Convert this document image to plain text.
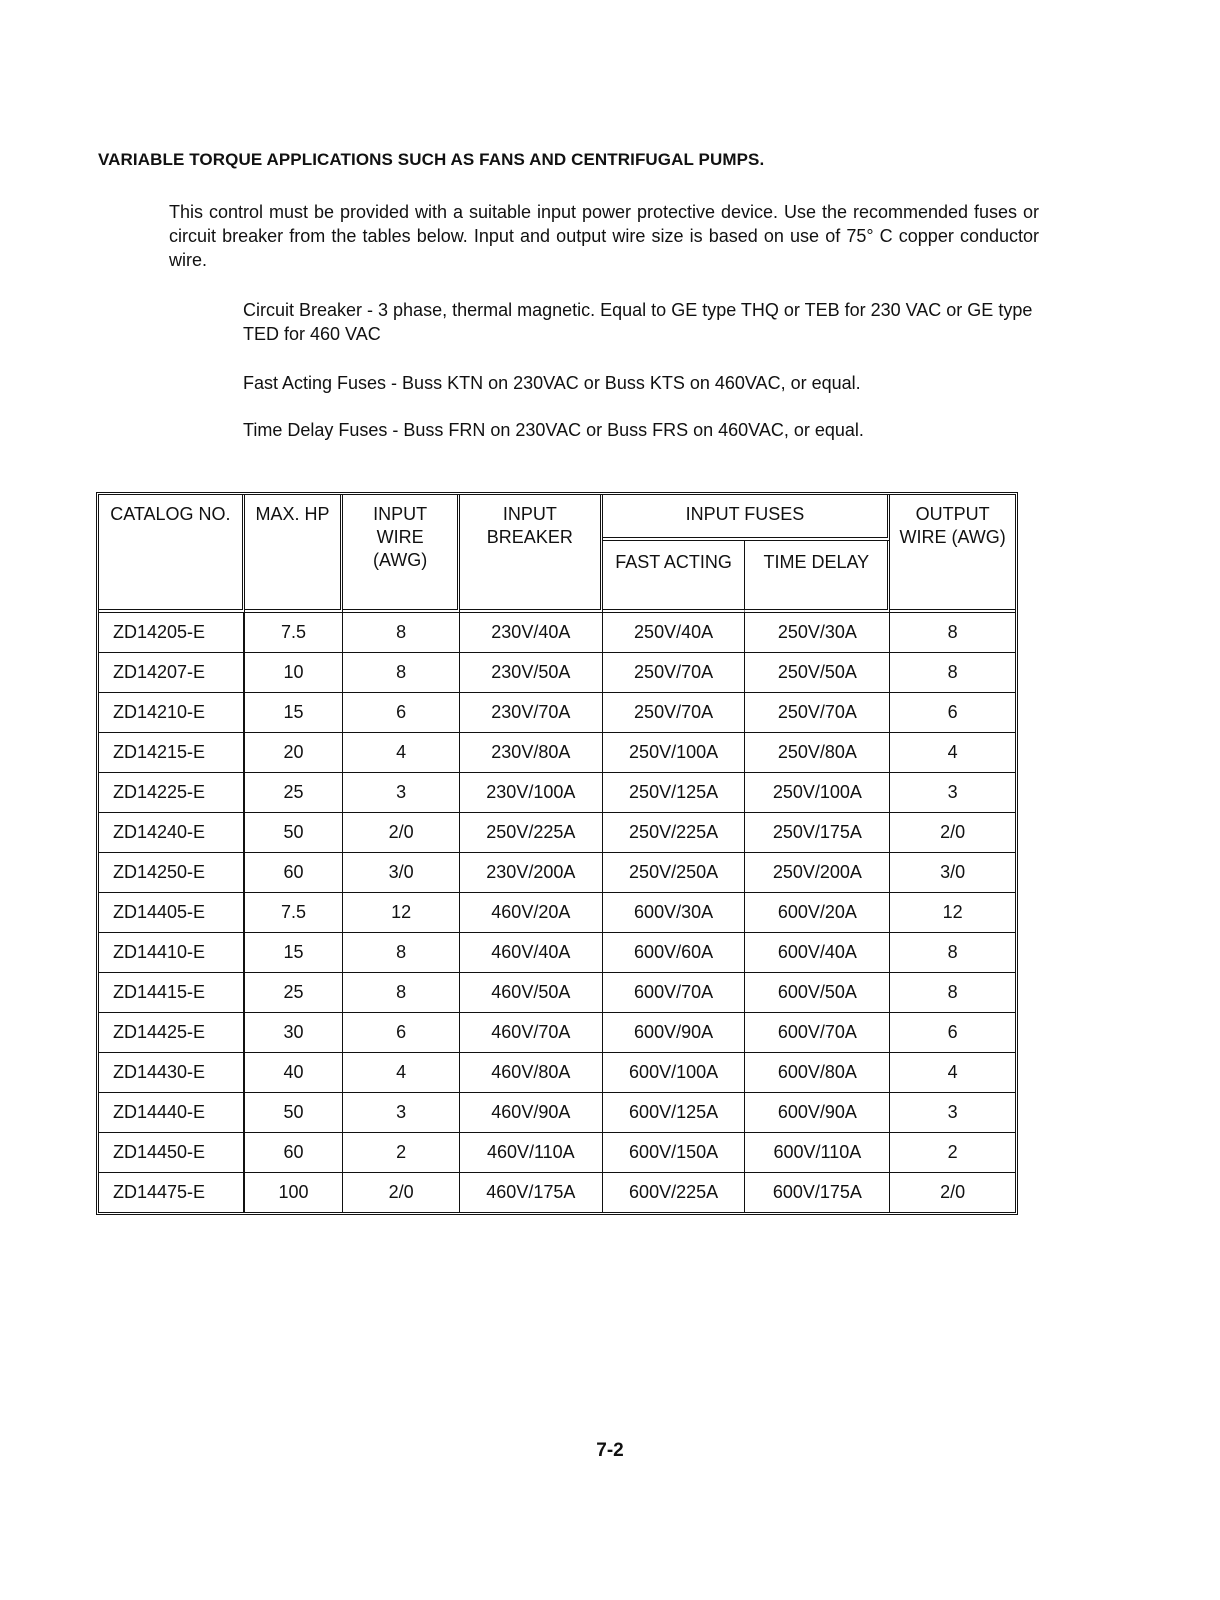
VARIABLE TORQUE APPLICATIONS SUCH AS FANS AND CENTRIFUGAL PUMPS.

This control must be provided with a suitable input power protective device. Use the recommended fuses or circuit breaker from the tables below. Input and output wire size is based on use of 75° C copper conductor wire.

Circuit Breaker - 3 phase, thermal magnetic. Equal to GE type THQ or TEB for 230 VAC or GE type TED for 460 VAC

Fast Acting Fuses - Buss KTN on 230VAC or Buss KTS on 460VAC, or equal.

Time Delay Fuses - Buss FRN on 230VAC or Buss FRS on 460VAC, or equal.

CATALOG NO.	MAX. HP	INPUT WIRE (AWG)	INPUT BREAKER	INPUT FUSES		OUTPUT WIRE (AWG)
				FAST ACTING	TIME DELAY	
ZD14205-E	7.5	8	230V/40A	250V/40A	250V/30A	8
ZD14207-E	10	8	230V/50A	250V/70A	250V/50A	8
ZD14210-E	15	6	230V/70A	250V/70A	250V/70A	6
ZD14215-E	20	4	230V/80A	250V/100A	250V/80A	4
ZD14225-E	25	3	230V/100A	250V/125A	250V/100A	3
ZD14240-E	50	2/0	250V/225A	250V/225A	250V/175A	2/0
ZD14250-E	60	3/0	230V/200A	250V/250A	250V/200A	3/0
ZD14405-E	7.5	12	460V/20A	600V/30A	600V/20A	12
ZD14410-E	15	8	460V/40A	600V/60A	600V/40A	8
ZD14415-E	25	8	460V/50A	600V/70A	600V/50A	8
ZD14425-E	30	6	460V/70A	600V/90A	600V/70A	6
ZD14430-E	40	4	460V/80A	600V/100A	600V/80A	4
ZD14440-E	50	3	460V/90A	600V/125A	600V/90A	3
ZD14450-E	60	2	460V/110A	600V/150A	600V/110A	2
ZD14475-E	100	2/0	460V/175A	600V/225A	600V/175A	2/0

7-2
